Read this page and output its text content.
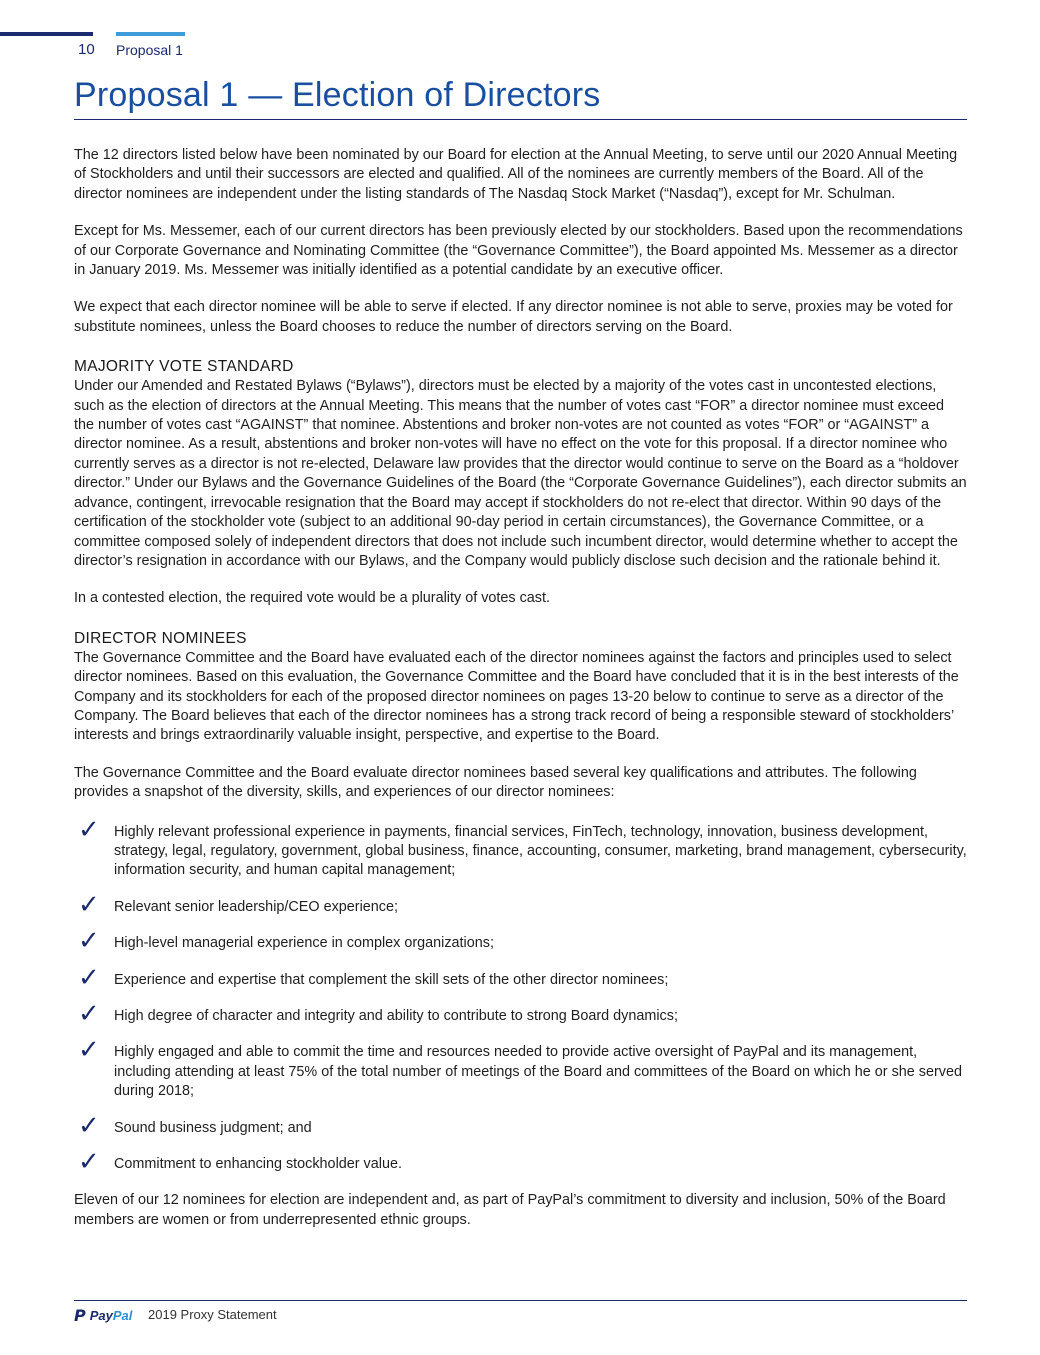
10 Proposal 1
Proposal 1 — Election of Directors

The 12 directors listed below have been nominated by our Board for election at the Annual Meeting, to serve until our 2020 Annual Meeting of Stockholders and until their successors are elected and qualified. All of the nominees are currently members of the Board. All of the director nominees are independent under the listing standards of The Nasdaq Stock Market (“Nasdaq”), except for Mr. Schulman.

Except for Ms. Messemer, each of our current directors has been previously elected by our stockholders. Based upon the recommendations of our Corporate Governance and Nominating Committee (the “Governance Committee”), the Board appointed Ms. Messemer as a director in January 2019. Ms. Messemer was initially identified as a potential candidate by an executive officer.

We expect that each director nominee will be able to serve if elected. If any director nominee is not able to serve, proxies may be voted for substitute nominees, unless the Board chooses to reduce the number of directors serving on the Board.

MAJORITY VOTE STANDARD

Under our Amended and Restated Bylaws (“Bylaws”), directors must be elected by a majority of the votes cast in uncontested elections, such as the election of directors at the Annual Meeting. This means that the number of votes cast “FOR” a director nominee must exceed the number of votes cast “AGAINST” that nominee. Abstentions and broker non-votes are not counted as votes “FOR” or “AGAINST” a director nominee. As a result, abstentions and broker non-votes will have no effect on the vote for this proposal. If a director nominee who currently serves as a director is not re-elected, Delaware law provides that the director would continue to serve on the Board as a “holdover director.” Under our Bylaws and the Governance Guidelines of the Board (the “Corporate Governance Guidelines”), each director submits an advance, contingent, irrevocable resignation that the Board may accept if stockholders do not re-elect that director. Within 90 days of the certification of the stockholder vote (subject to an additional 90-day period in certain circumstances), the Governance Committee, or a committee composed solely of independent directors that does not include such incumbent director, would determine whether to accept the director’s resignation in accordance with our Bylaws, and the Company would publicly disclose such decision and the rationale behind it.

In a contested election, the required vote would be a plurality of votes cast.

DIRECTOR NOMINEES

The Governance Committee and the Board have evaluated each of the director nominees against the factors and principles used to select director nominees. Based on this evaluation, the Governance Committee and the Board have concluded that it is in the best interests of the Company and its stockholders for each of the proposed director nominees on pages 13-20 below to continue to serve as a director of the Company. The Board believes that each of the director nominees has a strong track record of being a responsible steward of stockholders’ interests and brings extraordinarily valuable insight, perspective, and expertise to the Board.

The Governance Committee and the Board evaluate director nominees based several key qualifications and attributes. The following provides a snapshot of the diversity, skills, and experiences of our director nominees:

✓ Highly relevant professional experience in payments, financial services, FinTech, technology, innovation, business development, strategy, legal, regulatory, government, global business, finance, accounting, consumer, marketing, brand management, cybersecurity, information security, and human capital management;
✓ Relevant senior leadership/CEO experience;
✓ High-level managerial experience in complex organizations;
✓ Experience and expertise that complement the skill sets of the other director nominees;
✓ High degree of character and integrity and ability to contribute to strong Board dynamics;
✓ Highly engaged and able to commit the time and resources needed to provide active oversight of PayPal and its management, including attending at least 75% of the total number of meetings of the Board and committees of the Board on which he or she served during 2018;
✓ Sound business judgment; and
✓ Commitment to enhancing stockholder value.

Eleven of our 12 nominees for election are independent and, as part of PayPal’s commitment to diversity and inclusion, 50% of the Board members are women or from underrepresented ethnic groups.

P PayPal 2019 Proxy Statement
